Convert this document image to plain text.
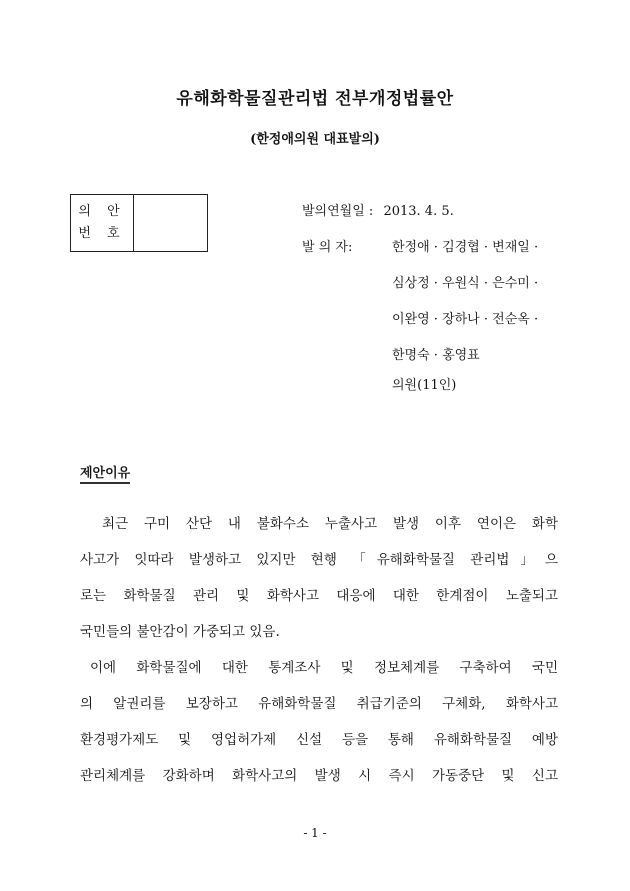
유해화학물질관리법 전부개정법률안
(한정애의원 대표발의)
의 안
번 호
발의연월일 : 2013. 4. 5.
발 의 자:	한정애 · 김경협 · 변재일 ·
심상정 · 우원식 · 은수미 ·
이완영 · 장하나 · 전순옥 ·
한명숙 · 홍영표
의원(11인)
제안이유
최근 구미 산단 내 불화수소 누출사고 발생 이후 연이은 화학
사고가 잇따라 발생하고 있지만 현행 「유해화학물질 관리법」으
로는 화학물질 관리 및 화학사고 대응에 대한 한계점이 노출되고
국민들의 불안감이 가중되고 있음.
이에 화학물질에 대한 통계조사 및 정보체계를 구축하여 국민
의 알권리를 보장하고 유해화학물질 취급기준의 구체화, 화학사고
환경평가제도 및 영업허가제 신설 등을 통해 유해화학물질 예방
관리체계를 강화하며 화학사고의 발생 시 즉시 가동중단 및 신고
- 1 -
